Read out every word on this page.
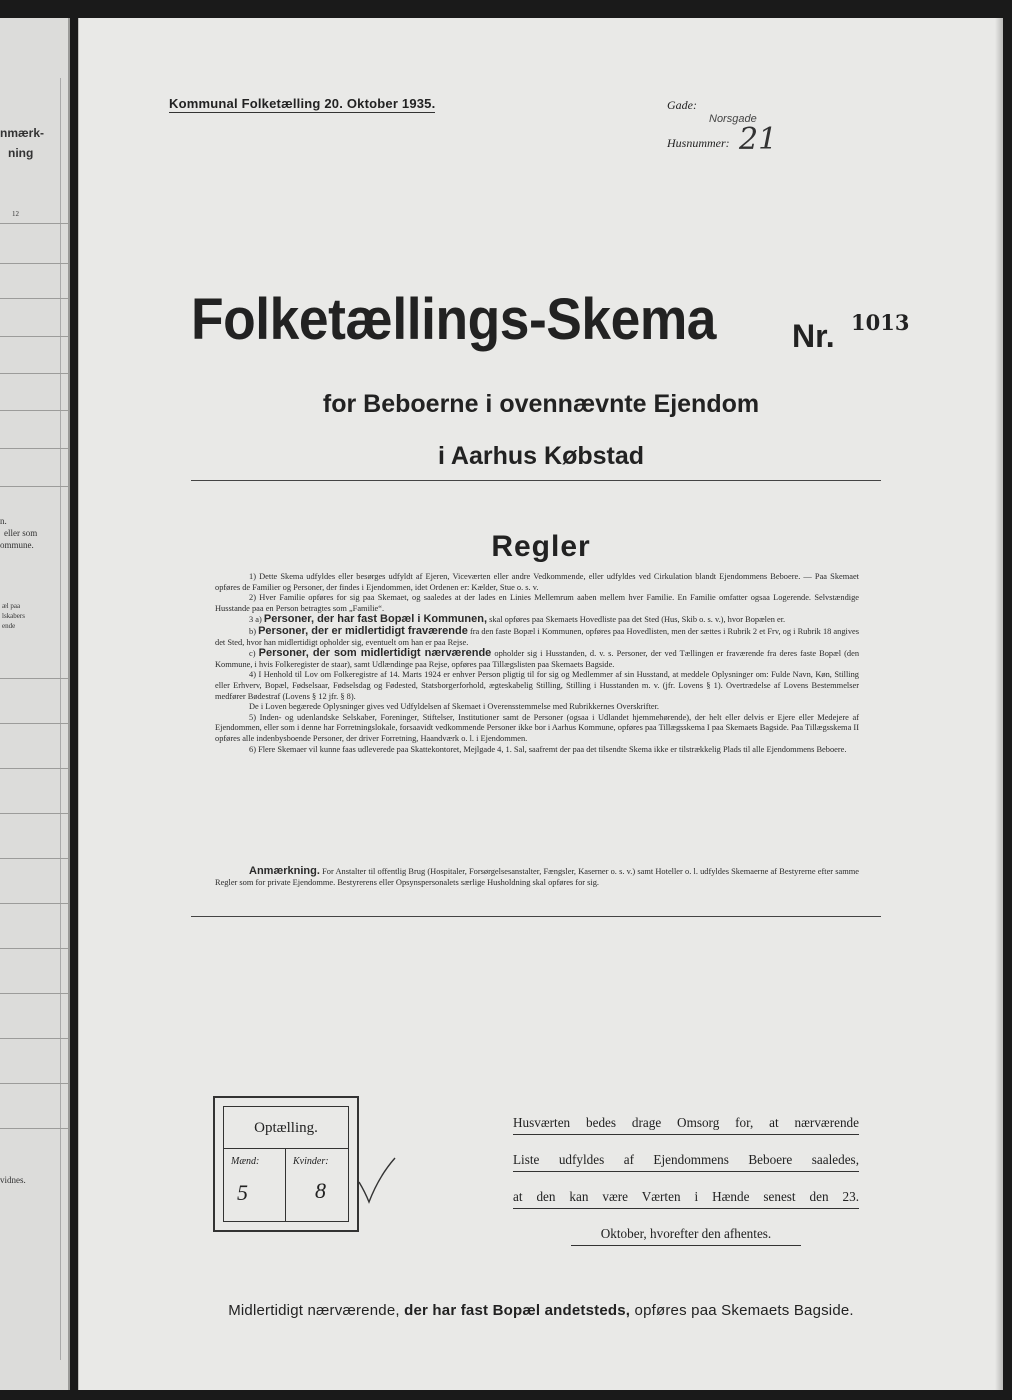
nmærk-
ning
12
n.
eller som
ommune.
æl paa
lskabers
ende
vidnes.
Kommunal Folketælling 20. Oktober 1935.	Gade:
Norsgade
Husnummer: 21
Folketællings-Skema Nr. 1013
for Beboerne i ovennævnte Ejendom
i Aarhus Købstad
Regler

1) Dette Skema udfyldes eller besørges udfyldt af Ejeren, Viceværten eller andre Vedkommende, eller udfyldes ved Cirkulation blandt Ejendommens Beboere. — Paa Skemaet opføres de Familier og Personer, der findes i Ejendommen, idet Ordenen er: Kælder, Stue o. s. v.

2) Hver Familie opføres for sig paa Skemaet, og saaledes at der lades en Linies Mellemrum aaben mellem hver Familie. En Familie omfatter ogsaa Logerende. Selvstændige Husstande paa en Person betragtes som „Familie“.

3 a) Personer, der har fast Bopæl i Kommunen, skal opføres paa Skemaets Hovedliste paa det Sted (Hus, Skib o. s. v.), hvor Bopælen er.

b) Personer, der er midlertidigt fraværende fra den faste Bopæl i Kommunen, opføres paa Hovedlisten, men der sættes i Rubrik 2 et Frv, og i Rubrik 18 angives det Sted, hvor han midlertidigt opholder sig, eventuelt om han er paa Rejse.

c) Personer, der som midlertidigt nærværende opholder sig i Husstanden, d. v. s. Personer, der ved Tællingen er fraværende fra deres faste Bopæl (den Kommune, i hvis Folkeregister de staar), samt Udlændinge paa Rejse, opføres paa Tillægslisten paa Skemaets Bagside.

4) I Henhold til Lov om Folkeregistre af 14. Marts 1924 er enhver Person pligtig til for sig og Medlemmer af sin Husstand, at meddele Oplysninger om: Fulde Navn, Køn, Stilling eller Erhverv, Bopæl, Fødselsaar, Fødselsdag og Fødested, Statsborgerforhold, ægteskabelig Stilling, Stilling i Husstanden m. v. (jfr. Lovens § 1). Overtrædelse af Lovens Bestemmelser medfører Bødestraf (Lovens § 12 jfr. § 8).

De i Loven begærede Oplysninger gives ved Udfyldelsen af Skemaet i Overensstemmelse med Rubrikkernes Overskrifter.

5) Inden- og udenlandske Selskaber, Foreninger, Stiftelser, Institutioner samt de Personer (ogsaa i Udlandet hjemmehørende), der helt eller delvis er Ejere eller Medejere af Ejendommen, eller som i denne har Forretningslokale, forsaavidt vedkommende Personer ikke bor i Aarhus Kommune, opføres paa Tillægsskema I paa Skemaets Bagside. Paa Tillægsskema II opføres alle indenbysboende Personer, der driver Forretning, Haandværk o. l. i Ejendommen.

6) Flere Skemaer vil kunne faas udleverede paa Skattekontoret, Mejlgade 4, 1. Sal, saafremt der paa det tilsendte Skema ikke er tilstrækkelig Plads til alle Ejendommens Beboere.

Anmærkning. For Anstalter til offentlig Brug (Hospitaler, Forsørgelsesanstalter, Fængsler, Kaserner o. s. v.) samt Hoteller o. l. udfyldes Skemaerne af Bestyrerne efter samme Regler som for private Ejendomme. Bestyrerens eller Opsynspersonalets særlige Husholdning skal opføres for sig.

Optælling.
Mænd:	Kvinder:
5	8
Husværten bedes drage Omsorg for, at nærværende
Liste udfyldes af Ejendommens Beboere saaledes,
at den kan være Værten i Hænde senest den 23.
Oktober, hvorefter den afhentes.
Midlertidigt nærværende, der har fast Bopæl andetsteds, opføres paa Skemaets Bagside.
